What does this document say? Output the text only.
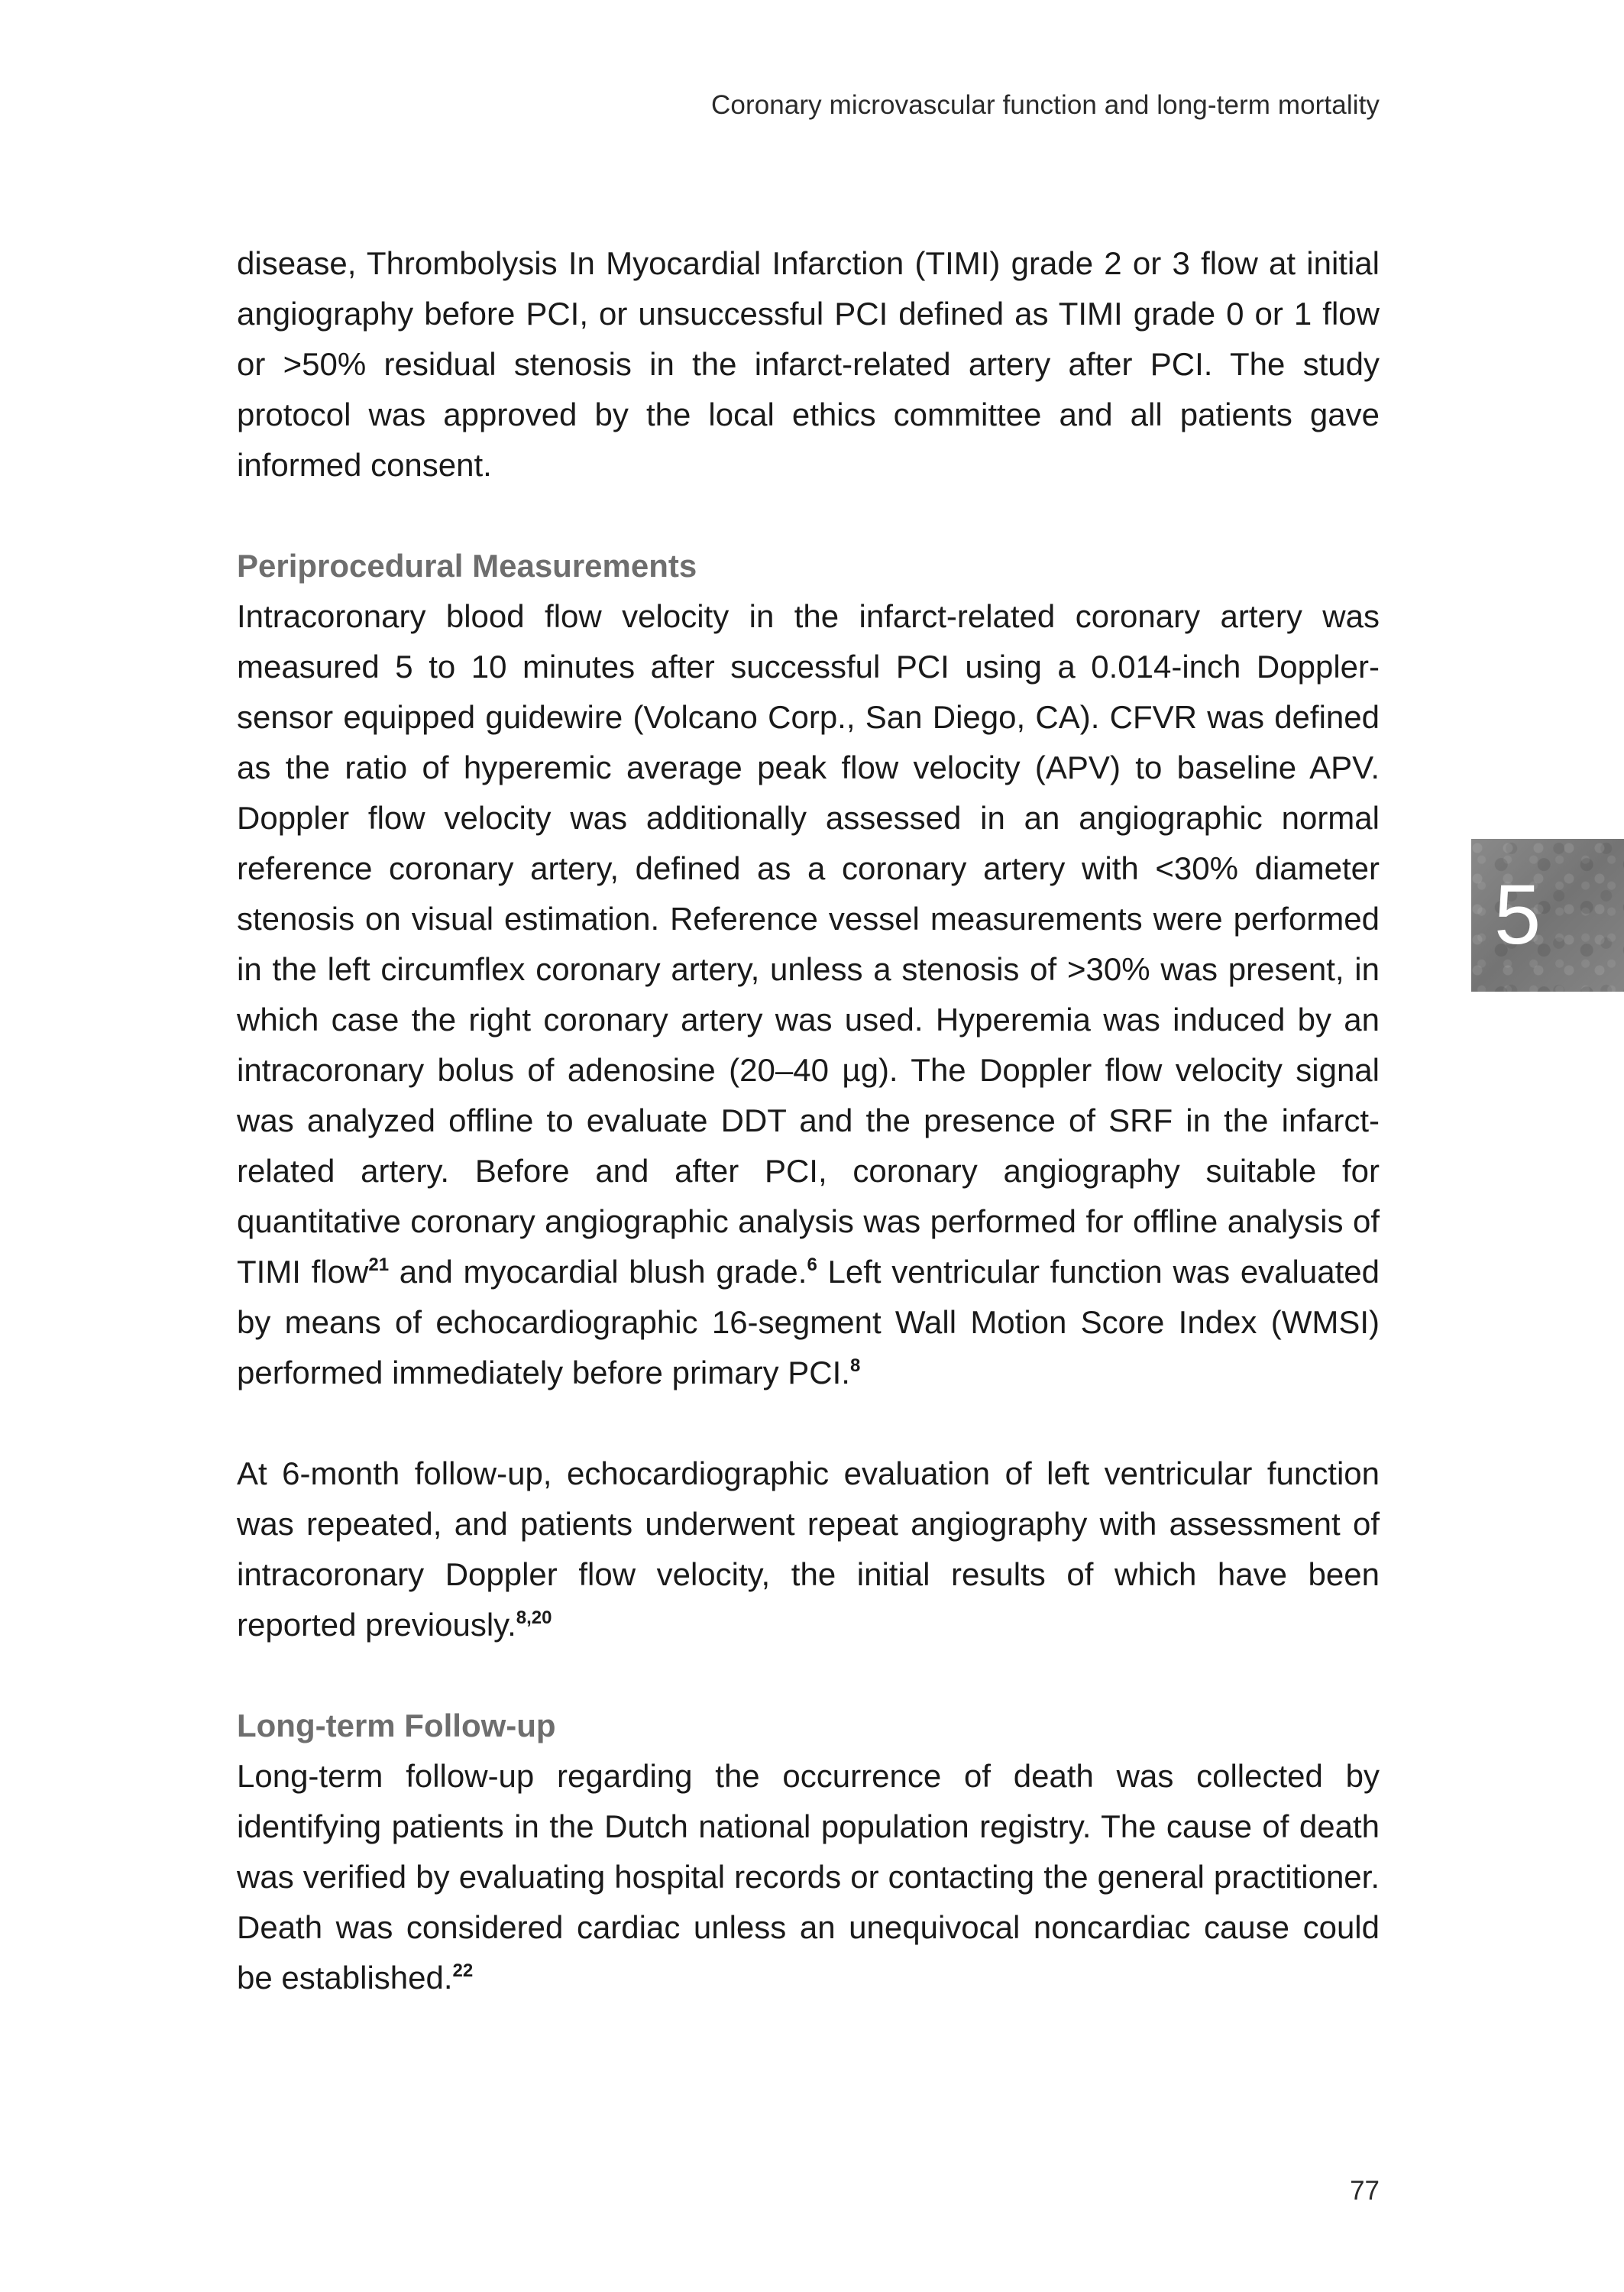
Coronary microvascular function and long-term mortality

disease, Thrombolysis In Myocardial Infarction (TIMI) grade 2 or 3 flow at initial angiography before PCI, or unsuccessful PCI defined as TIMI grade 0 or 1 flow or >50% residual stenosis in the infarct-related artery after PCI. The study protocol was approved by the local ethics committee and all patients gave informed consent.

Periprocedural Measurements

Intracoronary blood flow velocity in the infarct-related coronary artery was measured 5 to 10 minutes after successful PCI using a 0.014-inch Doppler-sensor equipped guidewire (Volcano Corp., San Diego, CA). CFVR was defined as the ratio of hyperemic average peak flow velocity (APV) to baseline APV. Doppler flow velocity was additionally assessed in an angiographic normal reference coronary artery, defined as a coronary artery with <30% diameter stenosis on visual estimation. Reference vessel measurements were performed in the left circumflex coronary artery, unless a stenosis of >30% was present, in which case the right coronary artery was used. Hyperemia was induced by an intracoronary bolus of adenosine (20–40 µg). The Doppler flow velocity signal was analyzed offline to evaluate DDT and the presence of SRF in the infarct-related artery. Before and after PCI, coronary angiography suitable for quantitative coronary angiographic analysis was performed for offline analysis of TIMI flow$^{21}$ and myocardial blush grade.$^6$ Left ventricular function was evaluated by means of echocardiographic 16-segment Wall Motion Score Index (WMSI) performed immediately before primary PCI.$^8$

At 6-month follow-up, echocardiographic evaluation of left ventricular function was repeated, and patients underwent repeat angiography with assessment of intracoronary Doppler flow velocity, the initial results of which have been reported previously.$^{8,20}$

Long-term Follow-up

Long-term follow-up regarding the occurrence of death was collected by identifying patients in the Dutch national population registry. The cause of death was verified by evaluating hospital records or contacting the general practitioner. Death was considered cardiac unless an unequivocal noncardiac cause could be established.$^{22}$

5
77
